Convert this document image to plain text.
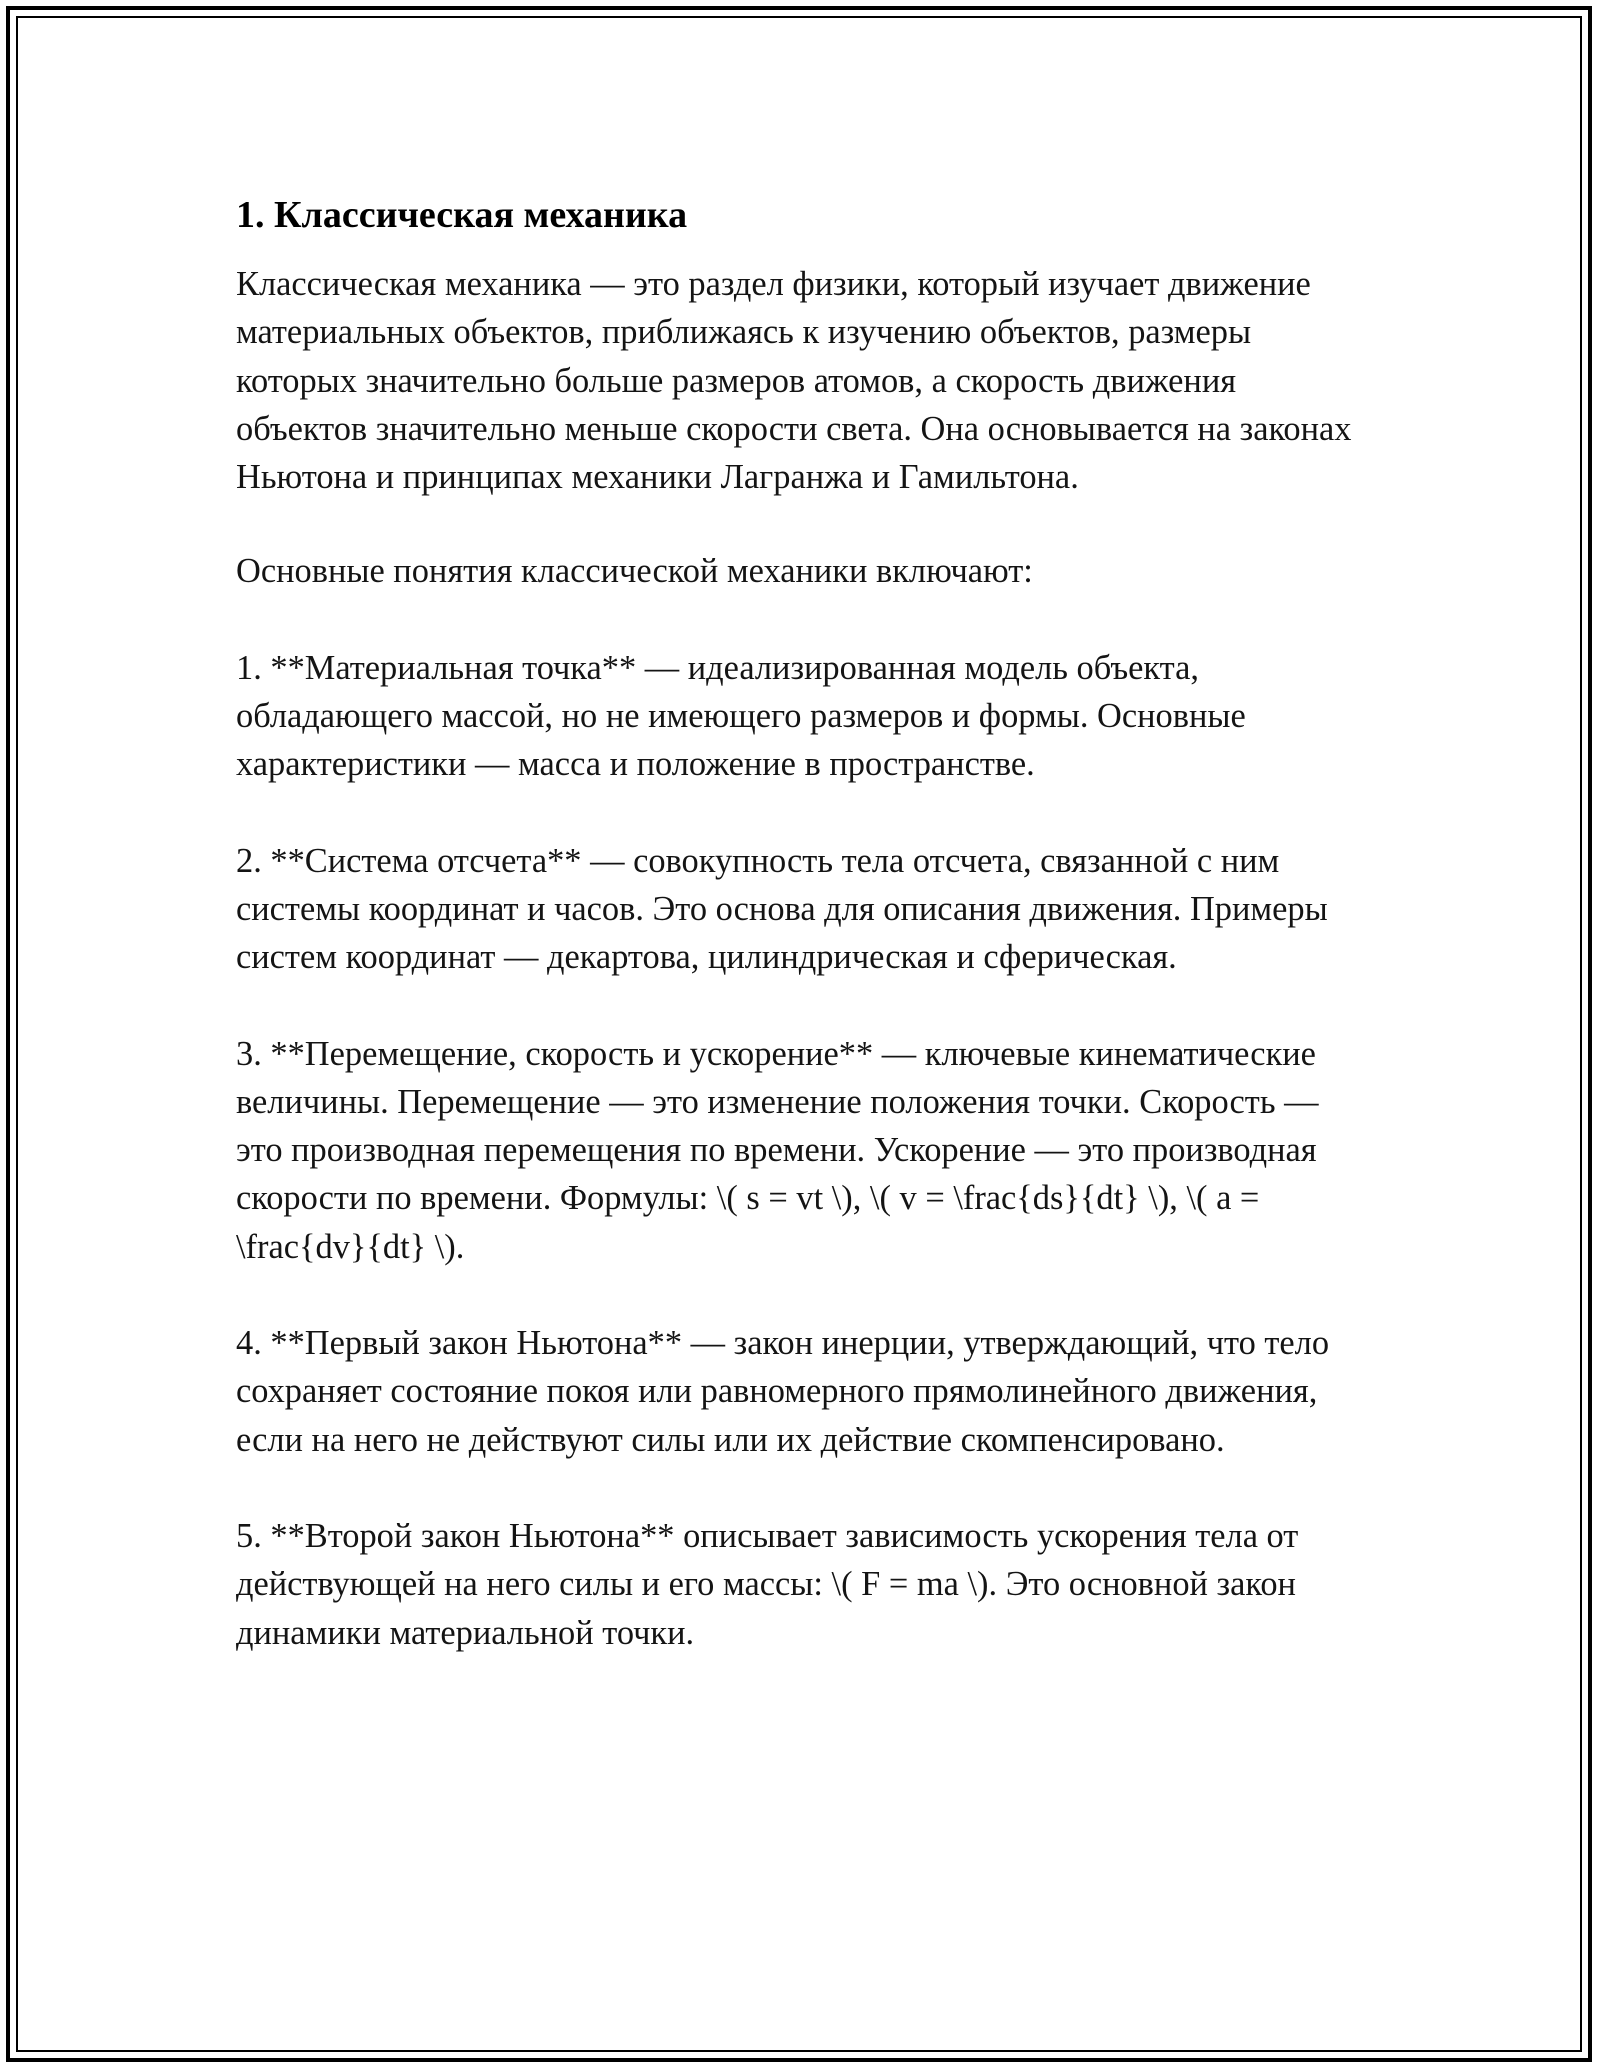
1. Классическая механика

Классическая механика — это раздел физики, который изучает движение материальных объектов, приближаясь к изучению объектов, размеры которых значительно больше размеров атомов, а скорость движения объектов значительно меньше скорости света. Она основывается на законах Ньютона и принципах механики Лагранжа и Гамильтона.

Основные понятия классической механики включают:

1. **Материальная точка** — идеализированная модель объекта, обладающего массой, но не имеющего размеров и формы. Основные характеристики — масса и положение в пространстве.

2. **Система отсчета** — совокупность тела отсчета, связанной с ним системы координат и часов. Это основа для описания движения. Примеры систем координат — декартова, цилиндрическая и сферическая.

3. **Перемещение, скорость и ускорение** — ключевые кинематические величины. Перемещение — это изменение положения точки. Скорость — это производная перемещения по времени. Ускорение — это производная скорости по времени. Формулы: \( s = vt \), \( v = \frac{ds}{dt} \), \( a = \frac{dv}{dt} \).

4. **Первый закон Ньютона** — закон инерции, утверждающий, что тело сохраняет состояние покоя или равномерного прямолинейного движения, если на него не действуют силы или их действие скомпенсировано.

5. **Второй закон Ньютона** описывает зависимость ускорения тела от действующей на него силы и его массы: \( F = ma \). Это основной закон динамики материальной точки.
